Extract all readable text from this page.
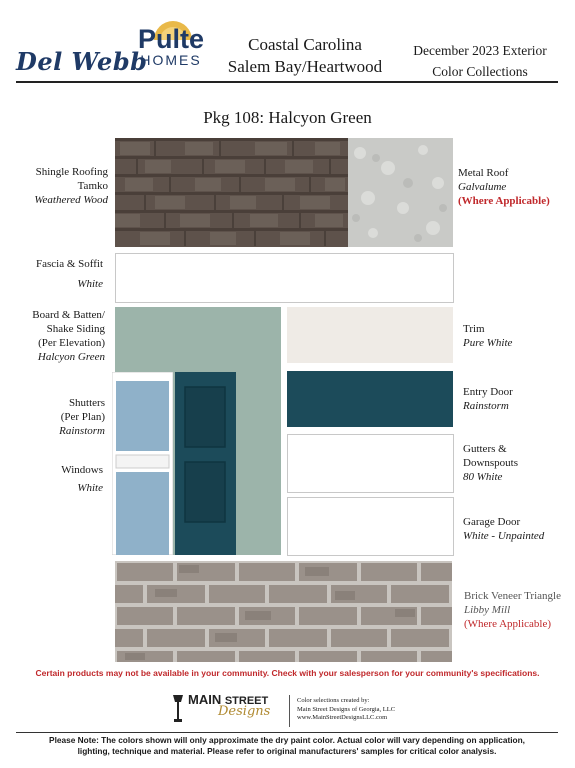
Del Webb
Pulte
HOMES
Coastal Carolina
Salem Bay/Heartwood
December 2023 Exterior
Color Collections
Pkg 108: Halcyon Green
Shingle Roofing
Tamko
Weathered Wood
Fascia & Soffit
White
Board & Batten/
Shake Siding
(Per Elevation)
Halcyon Green
Shutters
(Per Plan)
Rainstorm
Windows
White
Metal Roof
Galvalume
(Where Applicable)
Trim
Pure White
Entry Door
Rainstorm
Gutters &
Downspouts
80 White
Garage Door
White - Unpainted
Brick Veneer Triangle
Libby Mill
(Where Applicable)
Certain products may not be available in your community. Check with your salesperson for your community's specifications.
MAIN STREET
Designs
Color selections created by:
Main Street Designs of Georgia, LLC
www.MainStreetDesignsLLC.com
Please Note: The colors shown will only approximate the dry paint color. Actual color will vary depending on application,
lighting, technique and material. Please refer to original manufacturers' samples for critical color analysis.
